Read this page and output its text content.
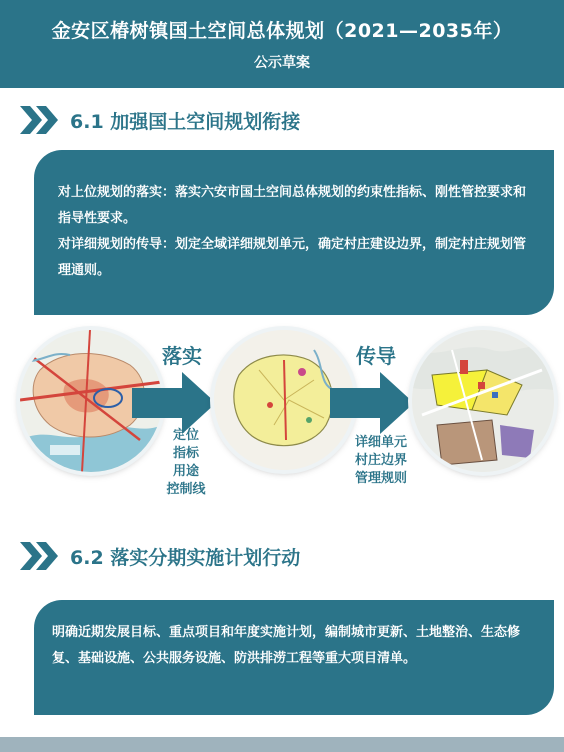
金安区椿树镇国土空间总体规划（2021—2035年）
公示草案
6.1 加强国土空间规划衔接

对上位规划的落实：落实六安市国土空间总体规划的约束性指标、刚性管控要求和指导性要求。

对详细规划的传导：划定全域详细规划单元，确定村庄建设边界，制定村庄规划管理通则。

落实
定位
指标
用途
控制线
传导
详细单元
村庄边界
管理规则
6.2 落实分期实施计划行动

明确近期发展目标、重点项目和年度实施计划，编制城市更新、土地整治、生态修复、基础设施、公共服务设施、防洪排涝工程等重大项目清单。
